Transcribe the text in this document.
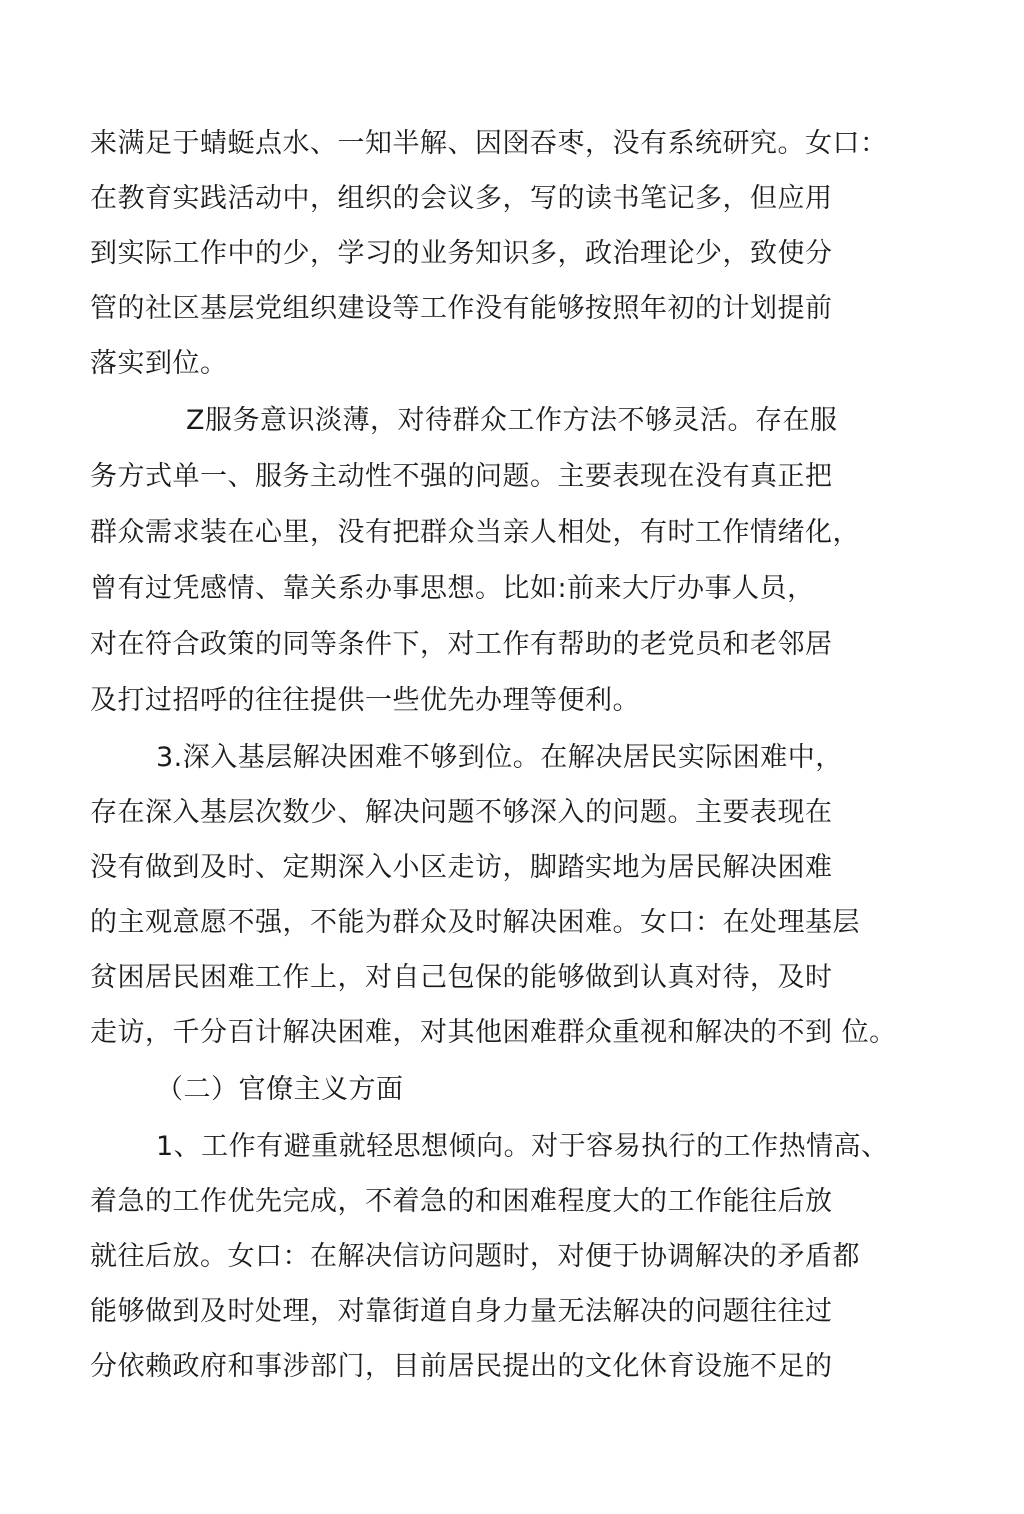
来满足于蜻蜓点水、一知半解、因囹吞枣，没有系统研究。女口：
在教育实践活动中，组织的会议多，写的读书笔记多，但应用
到实际工作中的少，学习的业务知识多，政治理论少，致使分
管的社区基层党组织建设等工作没有能够按照年初的计划提前
落实到位。
Z服务意识淡薄，对待群众工作方法不够灵活。存在服
务方式单一、服务主动性不强的问题。主要表现在没有真正把
群众需求装在心里，没有把群众当亲人相处，有时工作情绪化，
曾有过凭感情、靠关系办事思想。比如:前来大厅办事人员，
对在符合政策的同等条件下，对工作有帮助的老党员和老邻居
及打过招呼的往往提供一些优先办理等便利。
3.深入基层解决困难不够到位。在解决居民实际困难中，
存在深入基层次数少、解决问题不够深入的问题。主要表现在
没有做到及时、定期深入小区走访，脚踏实地为居民解决困难
的主观意愿不强，不能为群众及时解决困难。女口：在处理基层
贫困居民困难工作上，对自己包保的能够做到认真对待，及时
走访，千分百计解决困难，对其他困难群众重视和解决的不到 位。
（二）官僚主义方面
1、工作有避重就轻思想倾向。对于容易执行的工作热情高、
着急的工作优先完成，不着急的和困难程度大的工作能往后放
就往后放。女口：在解决信访问题时，对便于协调解决的矛盾都
能够做到及时处理，对靠街道自身力量无法解决的问题往往过
分依赖政府和事涉部门，目前居民提出的文化休育设施不足的
